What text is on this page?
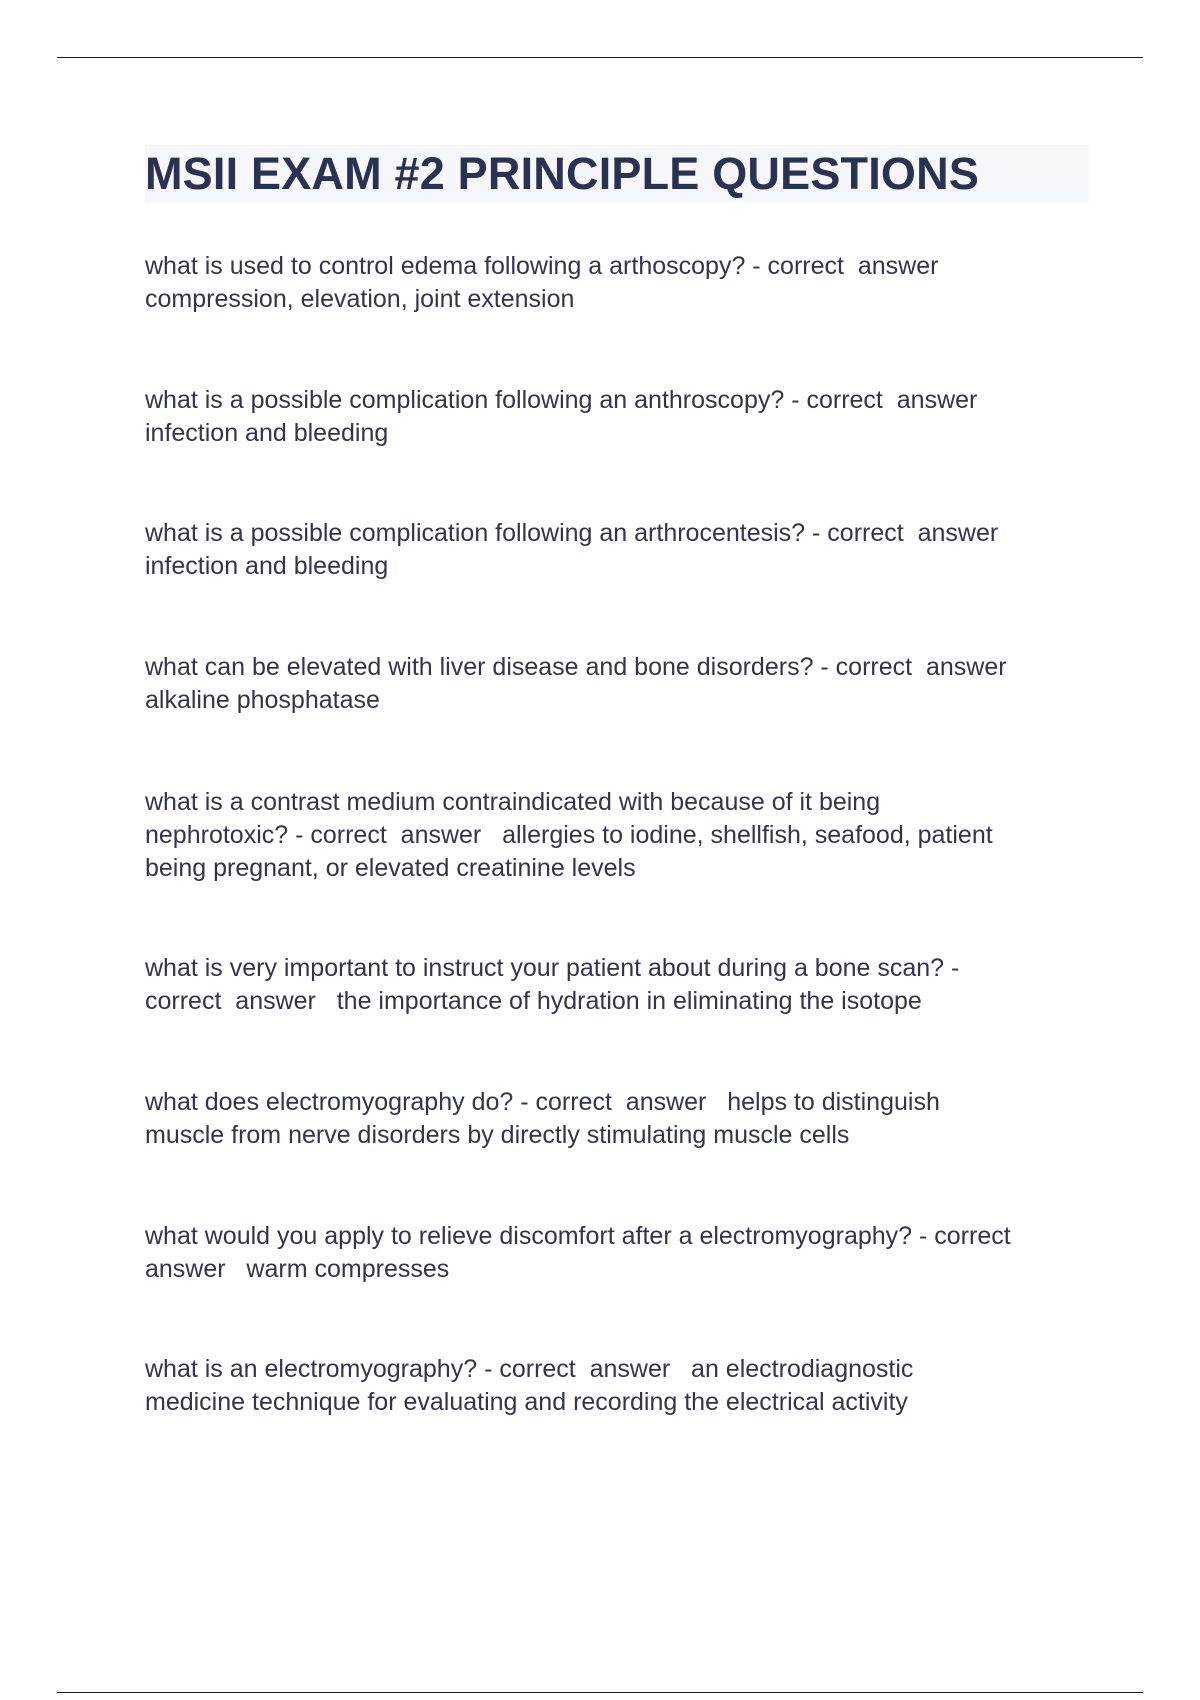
MSII EXAM #2 PRINCIPLE QUESTIONS

what is used to control edema following a arthoscopy? - correct  answer
compression, elevation, joint extension

what is a possible complication following an anthroscopy? - correct  answer
infection and bleeding

what is a possible complication following an arthrocentesis? - correct  answer
infection and bleeding

what can be elevated with liver disease and bone disorders? - correct  answer
alkaline phosphatase

what is a contrast medium contraindicated with because of it being
nephrotoxic? - correct  answer   allergies to iodine, shellfish, seafood, patient
being pregnant, or elevated creatinine levels

what is very important to instruct your patient about during a bone scan? -
correct  answer   the importance of hydration in eliminating the isotope

what does electromyography do? - correct  answer   helps to distinguish
muscle from nerve disorders by directly stimulating muscle cells

what would you apply to relieve discomfort after a electromyography? - correct
answer   warm compresses

what is an electromyography? - correct  answer   an electrodiagnostic
medicine technique for evaluating and recording the electrical activity
